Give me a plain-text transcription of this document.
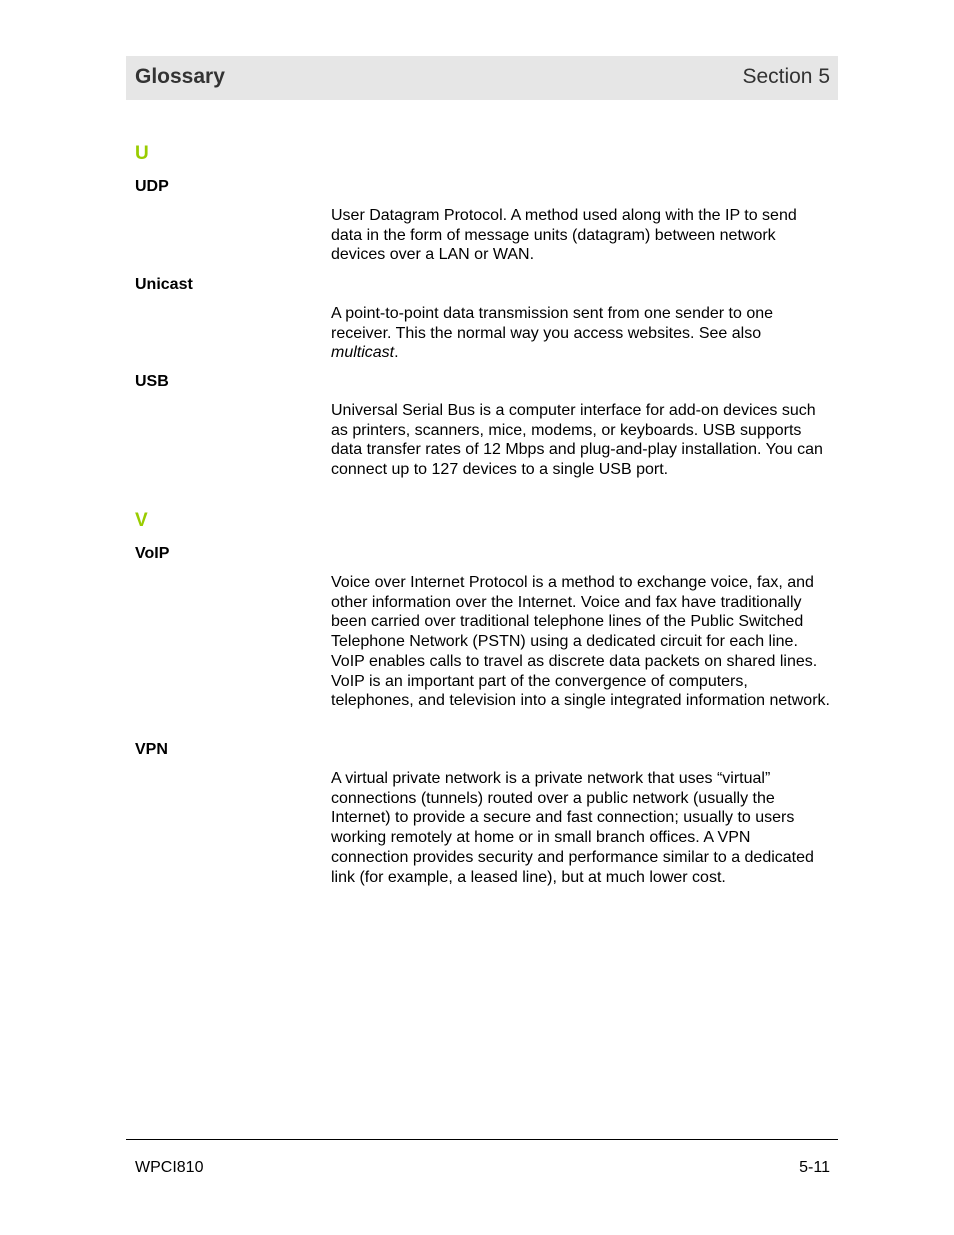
Glossary	Section 5
U
UDP

User Datagram Protocol. A method used along with the IP to send data in the form of message units (datagram) between network devices over a LAN or WAN.

Unicast

A point-to-point data transmission sent from one sender to one receiver. This the normal way you access websites. See also multicast.

USB

Universal Serial Bus is a computer interface for add-on devices such as printers, scanners, mice, modems, or keyboards. USB supports data transfer rates of 12 Mbps and plug-and-play installation. You can connect up to 127 devices to a single USB port.

V
VoIP

Voice over Internet Protocol is a method to exchange voice, fax, and other information over the Internet. Voice and fax have traditionally been carried over traditional telephone lines of the Public Switched Telephone Network (PSTN) using a dedicated circuit for each line. VoIP enables calls to travel as discrete data packets on shared lines. VoIP is an important part of the convergence of computers, telephones, and television into a single integrated information network.

VPN

A virtual private network is a private network that uses “virtual” connections (tunnels) routed over a public network (usually the Internet) to provide a secure and fast connection; usually to users working remotely at home or in small branch offices. A VPN connection provides security and performance similar to a dedicated link (for example, a leased line), but at much lower cost.

WPCI810	5-11
